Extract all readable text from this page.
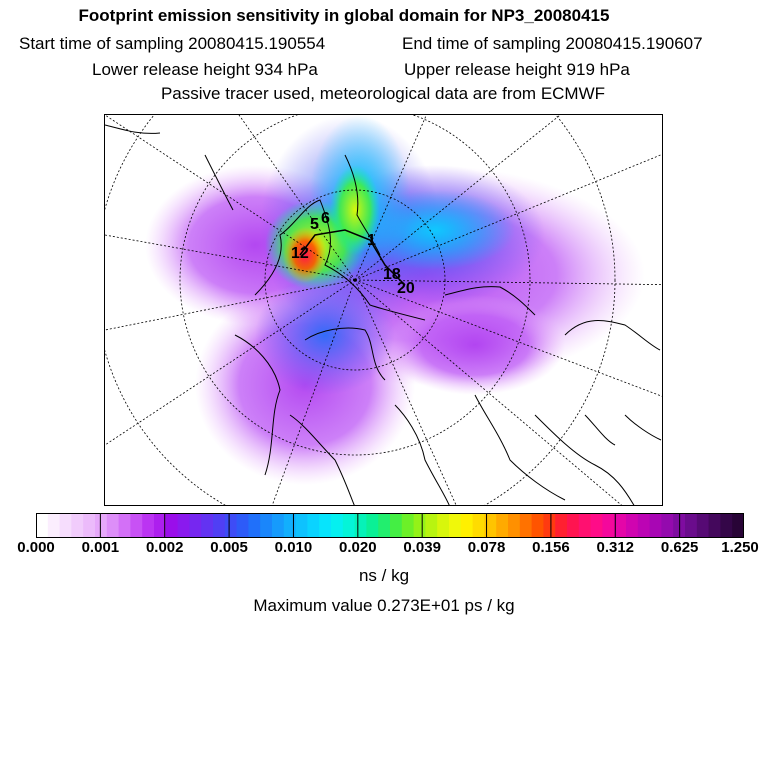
Footprint emission sensitivity in global domain for NP3_20080415
Start time of sampling 20080415.190554	End time of sampling 20080415.190607
Lower release height 934 hPa	Upper release height 919 hPa
Passive tracer used, meteorological data are from ECMWF
12
5 6
1
18
20
0.000 0.001 0.002 0.005 0.010 0.020 0.039 0.078 0.156 0.312 0.625 1.250
ns / kg
Maximum value 0.273E+01 ps / kg
